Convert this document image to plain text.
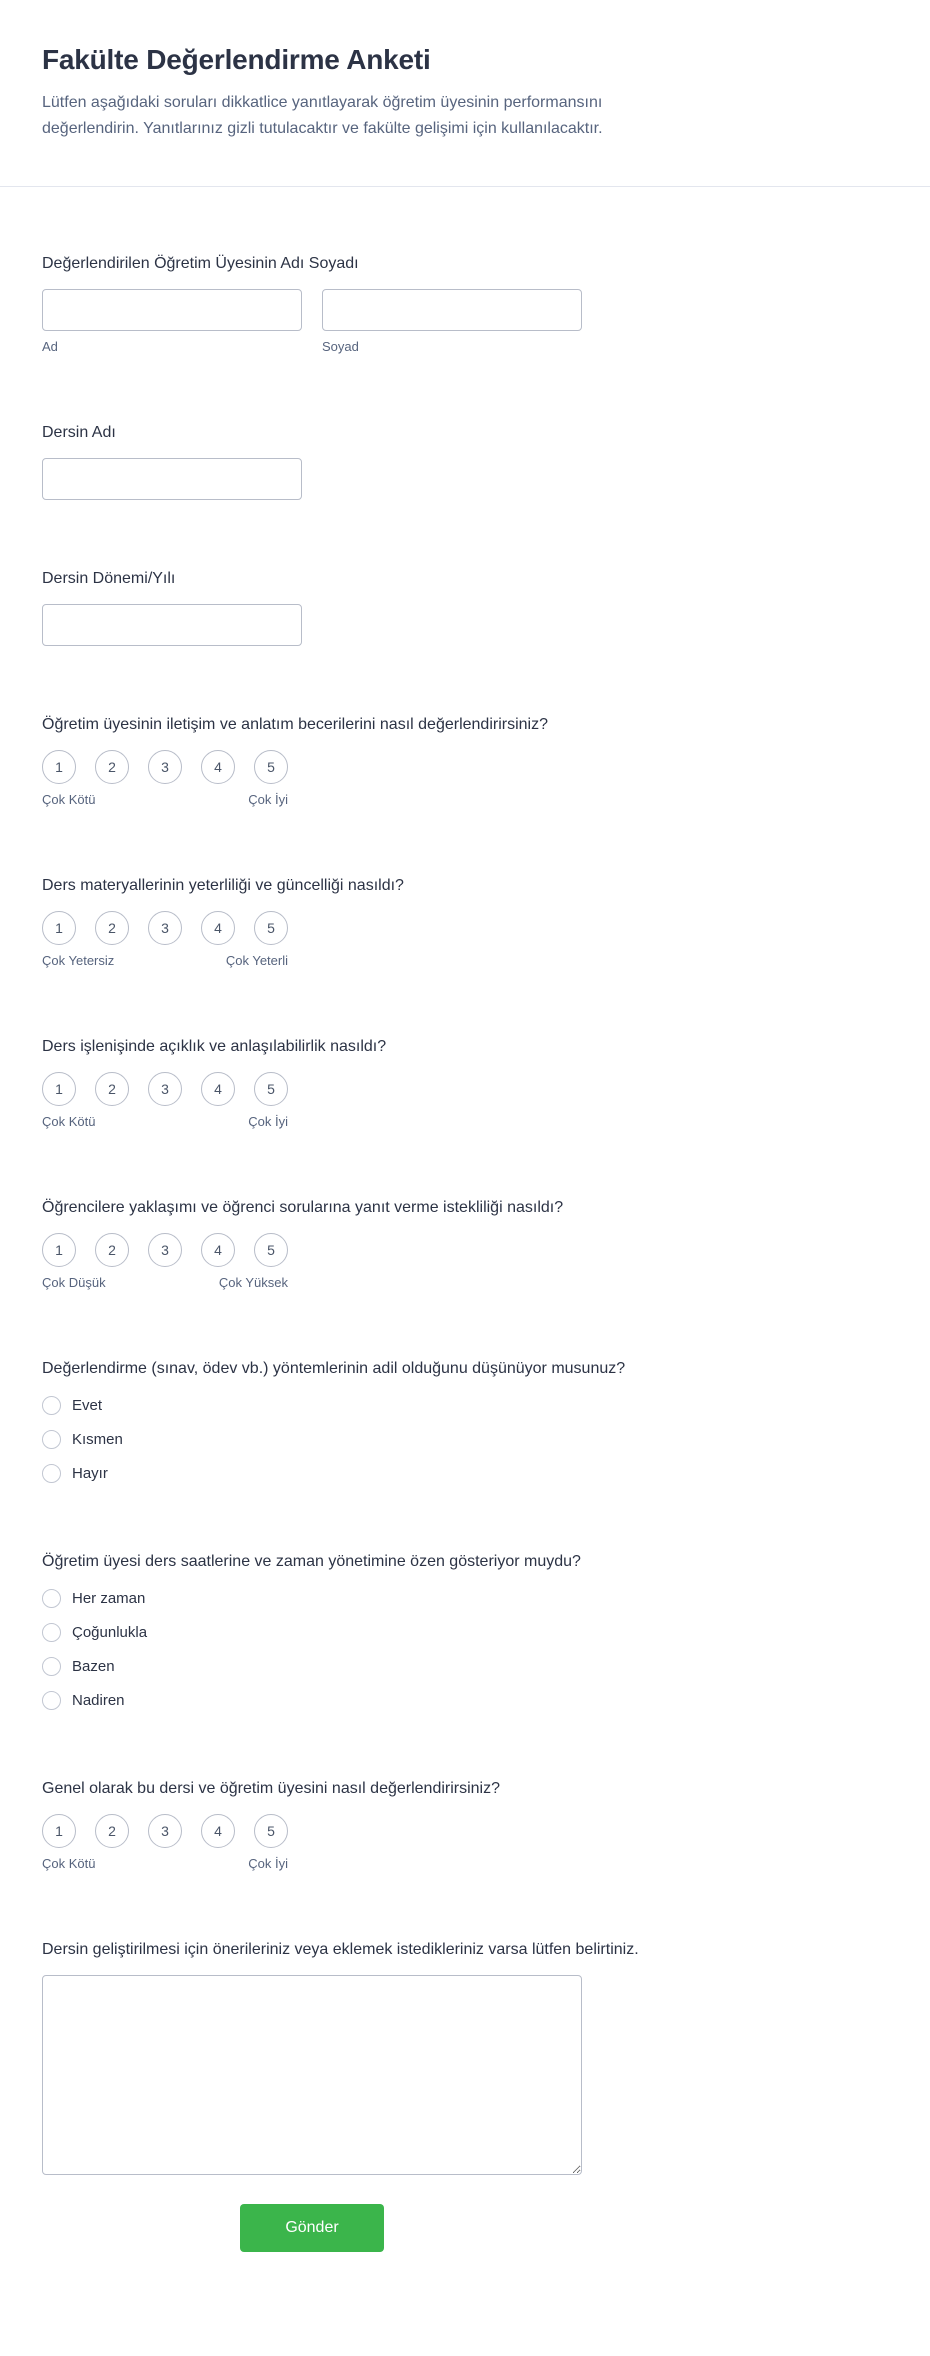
Fakülte Değerlendirme Anketi

Lütfen aşağıdaki soruları dikkatlice yanıtlayarak öğretim üyesinin performansını değerlendirin. Yanıtlarınız gizli tutulacaktır ve fakülte gelişimi için kullanılacaktır.

Değerlendirilen Öğretim Üyesinin Adı Soyadı
Ad	Soyad
Dersin Adı
Dersin Dönemi/Yılı
Öğretim üyesinin iletişim ve anlatım becerilerini nasıl değerlendirirsiniz?
1	2	3	4	5
Çok Kötü	Çok İyi
Ders materyallerinin yeterliliği ve güncelliği nasıldı?
1	2	3	4	5
Çok Yetersiz	Çok Yeterli
Ders işlenişinde açıklık ve anlaşılabilirlik nasıldı?
1	2	3	4	5
Çok Kötü	Çok İyi
Öğrencilere yaklaşımı ve öğrenci sorularına yanıt verme istekliliği nasıldı?
1	2	3	4	5
Çok Düşük	Çok Yüksek
Değerlendirme (sınav, ödev vb.) yöntemlerinin adil olduğunu düşünüyor musunuz?
Evet
Kısmen
Hayır
Öğretim üyesi ders saatlerine ve zaman yönetimine özen gösteriyor muydu?
Her zaman
Çoğunlukla
Bazen
Nadiren
Genel olarak bu dersi ve öğretim üyesini nasıl değerlendirirsiniz?
1	2	3	4	5
Çok Kötü	Çok İyi
Dersin geliştirilmesi için önerileriniz veya eklemek istedikleriniz varsa lütfen belirtiniz.
Gönder
